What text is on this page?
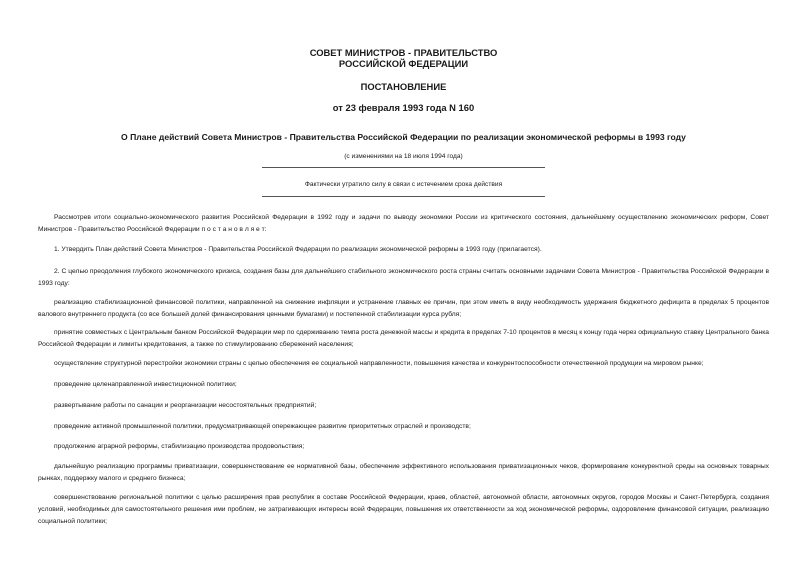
СОВЕТ МИНИСТРОВ - ПРАВИТЕЛЬСТВО
РОССИЙСКОЙ ФЕДЕРАЦИИ
ПОСТАНОВЛЕНИЕ
от 23 февраля 1993 года N 160
О Плане действий Совета Министров - Правительства Российской Федерации по реализации экономической реформы в 1993 году
(с изменениями на 18 июля 1994 года)
Фактически утратило силу в связи с истечением срока действия

Рассмотрев итоги социально-экономического развития Российской Федерации в 1992 году и задачи по выводу экономики России из критического состояния, дальнейшему осуществлению экономических реформ, Совет Министров - Правительство Российской Федерации п о с т а н о в л я е т:

1. Утвердить План действий Совета Министров - Правительства Российской Федерации по реализации экономической реформы в 1993 году (прилагается).

2. С целью преодоления глубокого экономического кризиса, создания базы для дальнейшего стабильного экономического роста страны считать основными задачами Совета Министров - Правительства Российской Федерации в 1993 году:

реализацию стабилизационной финансовой политики, направленной на снижение инфляции и устранение главных ее причин, при этом иметь в виду необходимость удержания бюджетного дефицита в пределах 5 процентов валового внутреннего продукта (со все большей долей финансирования ценными бумагами) и постепенной стабилизации курса рубля;

принятие совместных с Центральным банком Российской Федерации мер по сдерживанию темпа роста денежной массы и кредита в пределах 7-10 процентов в месяц к концу года через официальную ставку Центрального банка Российской Федерации и лимиты кредитования, а также по стимулированию сбережений населения;

осуществление структурной перестройки экономики страны с целью обеспечения ее социальной направленности, повышения качества и конкурентоспособности отечественной продукции на мировом рынке;

проведение целенаправленной инвестиционной политики;

развертывание работы по санации и реорганизации несостоятельных предприятий;

проведение активной промышленной политики, предусматривающей опережающее развитие приоритетных отраслей и производств;

продолжение аграрной реформы, стабилизацию производства продовольствия;

дальнейшую реализацию программы приватизации, совершенствование ее нормативной базы, обеспечение эффективного использования приватизационных чеков, формирование конкурентной среды на основных товарных рынках, поддержку малого и среднего бизнеса;

совершенствование региональной политики с целью расширения прав республик в составе Российской Федерации, краев, областей, автономной области, автономных округов, городов Москвы и Санкт-Петербурга, создания условий, необходимых для самостоятельного решения ими проблем, не затрагивающих интересы всей Федерации, повышения их ответственности за ход экономической реформы, оздоровление финансовой ситуации, реализацию социальной политики;
